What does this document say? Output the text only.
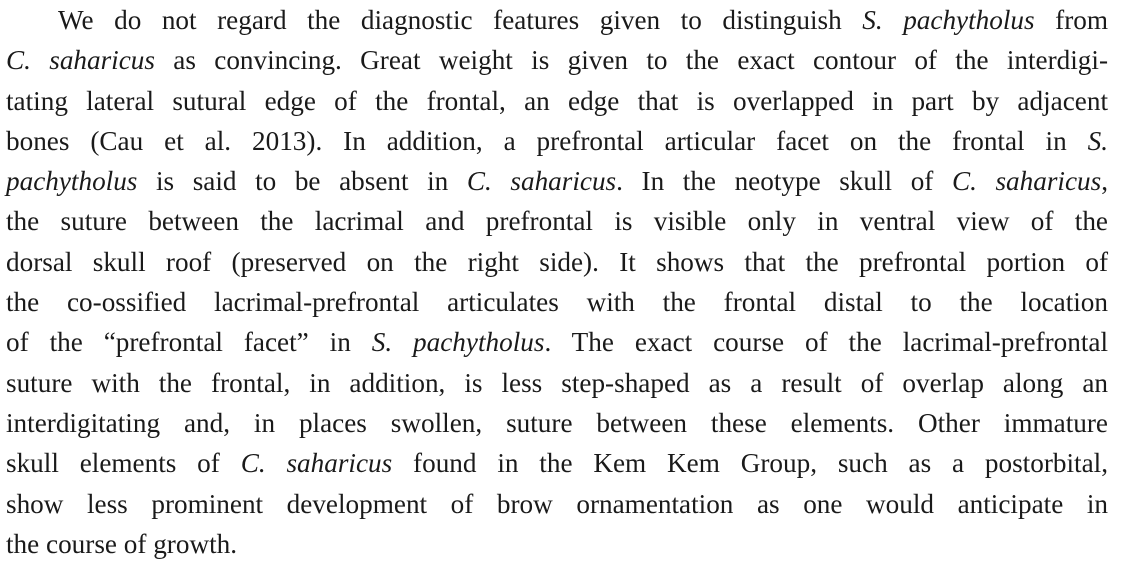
We do not regard the diagnostic features given to distinguish S. pachytholus from
C. saharicus as convincing. Great weight is given to the exact contour of the interdigi-
tating lateral sutural edge of the frontal, an edge that is overlapped in part by adjacent
bones (Cau et al. 2013). In addition, a prefrontal articular facet on the frontal in S.
pachytholus is said to be absent in C. saharicus. In the neotype skull of C. saharicus,
the suture between the lacrimal and prefrontal is visible only in ventral view of the
dorsal skull roof (preserved on the right side). It shows that the prefrontal portion of
the co-ossified lacrimal-prefrontal articulates with the frontal distal to the location
of the “prefrontal facet” in S. pachytholus. The exact course of the lacrimal-prefrontal
suture with the frontal, in addition, is less step-shaped as a result of overlap along an
interdigitating and, in places swollen, suture between these elements. Other immature
skull elements of C. saharicus found in the Kem Kem Group, such as a postorbital,
show less prominent development of brow ornamentation as one would anticipate in
the course of growth.
